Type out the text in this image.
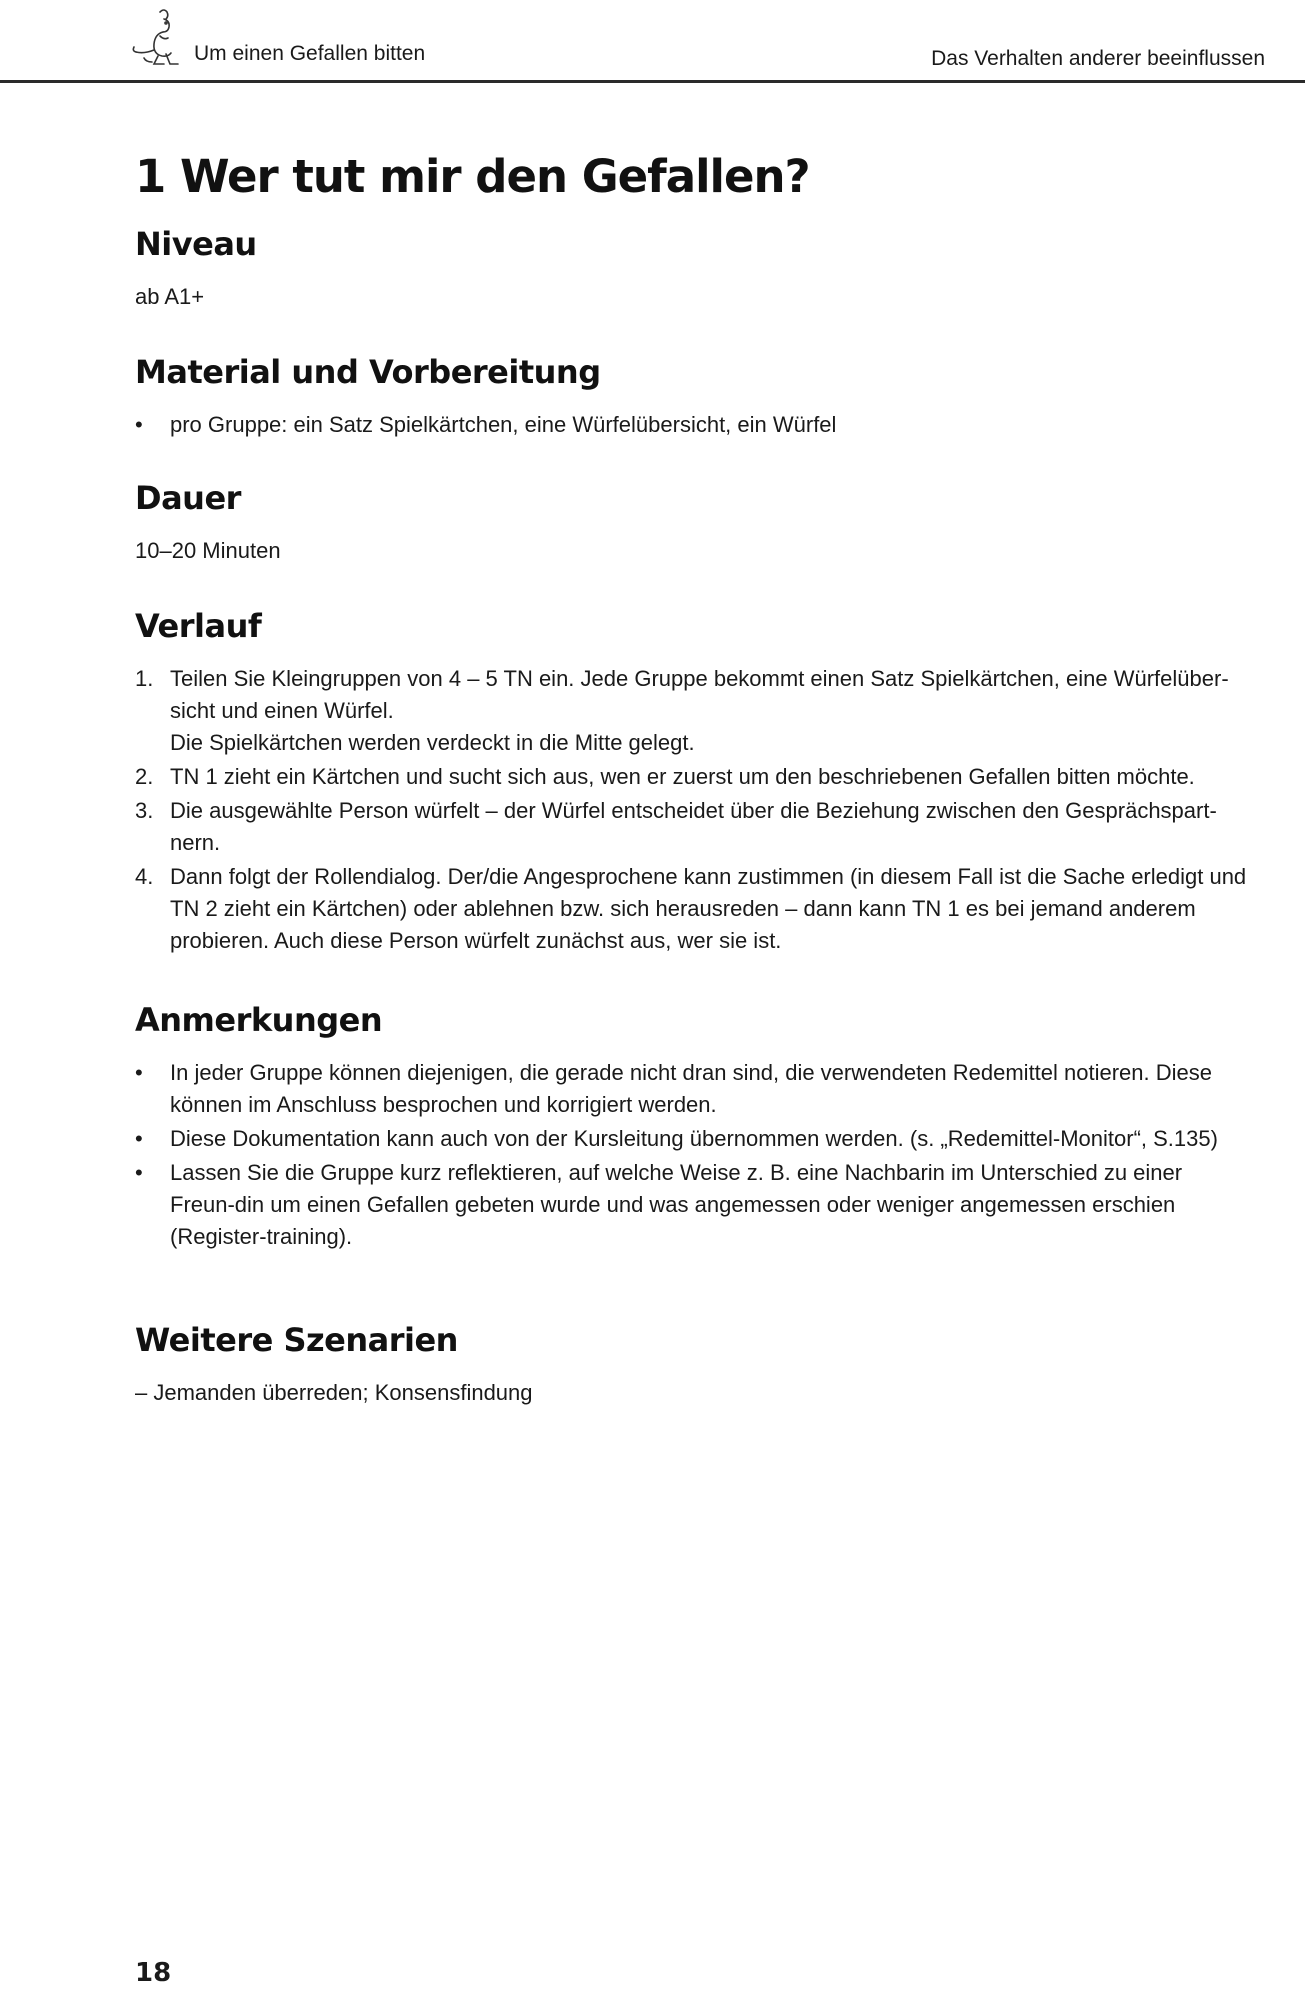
Um einen Gefallen bitten	Das Verhalten anderer beeinflussen
1 Wer tut mir den Gefallen?
Niveau

ab A1+

Material und Vorbereitung
• pro Gruppe: ein Satz Spielkärtchen, eine Würfelübersicht, ein Würfel
Dauer

10–20 Minuten

Verlauf
1. Teilen Sie Kleingruppen von 4 – 5 TN ein. Jede Gruppe bekommt einen Satz Spielkärtchen, eine Würfelüber-sicht und einen Würfel.
Die Spielkärtchen werden verdeckt in die Mitte gelegt.
2. TN 1 zieht ein Kärtchen und sucht sich aus, wen er zuerst um den beschriebenen Gefallen bitten möchte.
3. Die ausgewählte Person würfelt – der Würfel entscheidet über die Beziehung zwischen den Gesprächspart-nern.
4. Dann folgt der Rollendialog. Der/die Angesprochene kann zustimmen (in diesem Fall ist die Sache erledigt und TN 2 zieht ein Kärtchen) oder ablehnen bzw. sich herausreden – dann kann TN 1 es bei jemand anderem probieren. Auch diese Person würfelt zunächst aus, wer sie ist.
Anmerkungen
• In jeder Gruppe können diejenigen, die gerade nicht dran sind, die verwendeten Redemittel notieren. Diese können im Anschluss besprochen und korrigiert werden.
• Diese Dokumentation kann auch von der Kursleitung übernommen werden. (s. „Redemittel-Monitor“, S.135)
• Lassen Sie die Gruppe kurz reflektieren, auf welche Weise z. B. eine Nachbarin im Unterschied zu einer Freun-din um einen Gefallen gebeten wurde und was angemessen oder weniger angemessen erschien (Register-training).
Weitere Szenarien

– Jemanden überreden; Konsensfindung

18
